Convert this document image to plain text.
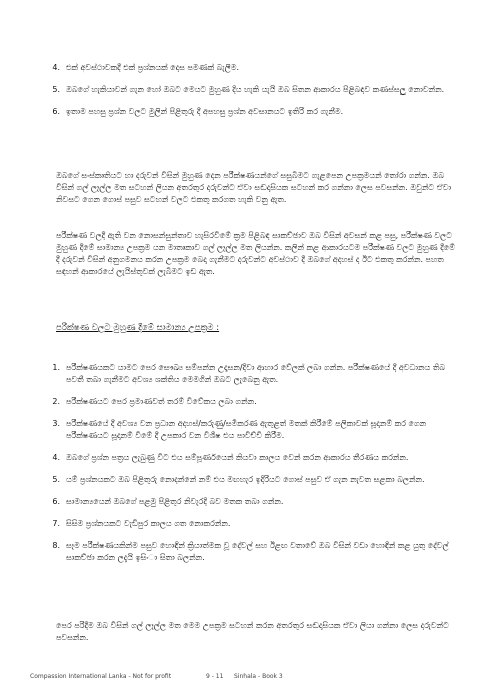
4. එක් අවස්ථාවකදී එක් ප්‍රශ්නයක් දෙස පමණක් බැලීම.
5. ඔබගේ හැකියාවන් ගැන හෝ ඔබට මෙයට මුහුණ දිය හැකි යැයි ඔබ සිතන ආකාරය පිළිබඳව කණස්සලු නොවන්න.
6. ඉතාම පහසු ප්‍රශ්න වලට මුලින් පිළිතුරු දී අපහසු ප්‍රශ්න අවසානයට ඉතිරි කර ගැනීම.

ඔබගේ සංස්කෘතියට හා දරුවන් විසින් මුහුණ දෙන පරීක්ෂණයන්ගේ සසුබිමට ගැළපෙන උපක්‍රමයන් තෝරා ගන්න. ඔබ විසින් ගල් ලෑල්ල මත සටහන් ලියන අතරතුර දරුවන්ට ඒවා සඬදාසියක සටහන් කර ගන්නා ලෙස පවසන්න. ඔවුන්ට ඒවා නිවසට ගෙන ගොස් පසුව සටහන් වලට එකතු කරගත හැකි වනු ඇත.

පරීක්ෂණ වලදී ඇති වන නොසන්සුන්තාව හැසිරවීමේ ක්‍රම පිළිබඳ සාකච්ඡාව ඔබ විසින් අවසන් කළ පසු, පරීක්ෂණ වලට මුහුණ දීමේ සාමාන්‍ය උපක්‍රම යන මාතෘකාව ගල් ලෑල්ල මත ලියන්න. කලින් කළ ආකාරයටම පරීක්ෂණ වලට මුහුණ දීමේ දී දරුවන් විසින් අනුගමනය කරන උපක්‍රම බෙදා ගැනීමට දරුවන්ට අවස්ථාව දී ඔබගේ අදහස් ද ඊට එකතු කරන්න. පහත සඳහන් ආකාරයේ ලැයිස්තුවක් ලැබීමට ඉඩ ඇත.

පරීක්ෂණ වලට මුහුණ දීමේ සාමාන්‍ය උපක්‍රම :
1. පරීක්ෂණයකට යාමට පෙර සෞඛ්‍ය සම්පන්න උදෑසන/දිවා ආහාර වේලක් ලබා ගන්න. පරීක්ෂණයේ දී අවධානය තිබ පවතී තබා ගැනීමට අවශ්‍ය ශක්තිය මෙමගින් ඔබට ලැබෙනු ඇත.
2. පරීක්ෂණයට පෙර ප්‍රමාණවත් තරම් විවේකය ලබා ගන්න.
3. පරීක්ෂණයේ දී අවශ්‍ය වන ප්‍රධාන අදහස්/කරුණු/සමීකරණ ඇතුළත් මතක් කිරීමේ පලිකාවක් සූදානම් කර ගෙන පරීක්ෂණයට සූදානම් වීමේ දී උපකාර වන විශීෂ එය පාවිච්චි කිරීම.
4. ඔබගේ ප්‍රශ්න පත්‍රය ලැබුණු විට එය සම්පූර්ණයෙන් කියවා කාලය වෙන් කරන ආකාරය තීරණය කරන්න.
5. යම් ප්‍රශ්නයකට ඔබ පිළිතුරු නොදන්නේ නම් එය මඟහැර ඉදිරියට ගොස් පසුව ඒ ගැන නැවත සළකා බලන්න.
6. සාමාන්‍යයෙන් ඔබගේ පළමු පිළිතුර නිවැරදි බව මතක තබා ගන්න.
7. සිසිම ප්‍රශ්නයකට වැඩිපුර කාලය ගත නොකරන්න.
8. සෑම පරීක්ෂණයකින්ම පසුව හොඳින් ක්‍රියාත්මක වූ දේවල් සහ ඊළඟ වතාවේ ඔබ විසින් වඩා හොඳින් කළ යුතු දේවල් සාකච්ඡා කරන ලදැයි ඉසිංා සිතා බලන්න.

පෙර පරිදීම ඔබ විසින් ගල් ලෑල්ල මත මෙම උපක්‍රම සටහන් කරන අතරතුර සඬදාසියක ඒවා ලියා ගන්නා ලෙස දරුවන්ට පවසන්න.

Compassion International Lanka - Not for profit	9 - 11 Sinhala - Book 3
